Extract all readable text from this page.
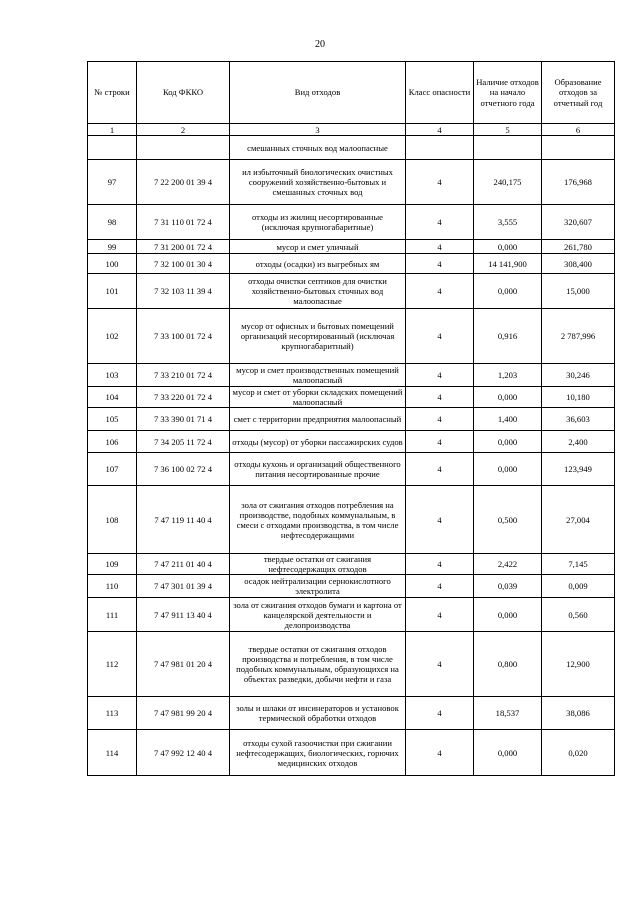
20
№ строки	Код ФККО	Вид отходов	Класс опасности	Наличие отходов на начало отчетного года	Образование отходов за отчетный год
1	2	3	4	5	6
		смешанных сточных вод малоопасные			
97	7 22 200 01 39 4	ил избыточный биологических очистных сооружений хозяйственно-бытовых и смешанных сточных вод	4	240,175	176,968
98	7 31 110 01 72 4	отходы из жилищ несортированные (исключая крупногабаритные)	4	3,555	320,607
99	7 31 200 01 72 4	мусор и смет уличный	4	0,000	261,780
100	7 32 100 01 30 4	отходы (осадки) из выгребных ям	4	14 141,900	308,400
101	7 32 103 11 39 4	отходы очистки септиков для очистки хозяйственно-бытовых сточных вод малоопасные	4	0,000	15,000
102	7 33 100 01 72 4	мусор от офисных и бытовых помещений организаций несортированный (исключая крупногабаритный)	4	0,916	2 787,996
103	7 33 210 01 72 4	мусор и смет производственных помещений малоопасный	4	1,203	30,246
104	7 33 220 01 72 4	мусор и смет от уборки складских помещений малоопасный	4	0,000	10,180
105	7 33 390 01 71 4	смет с территории предприятия малоопасный	4	1,400	36,603
106	7 34 205 11 72 4	отходы (мусор) от уборки пассажирских судов	4	0,000	2,400
107	7 36 100 02 72 4	отходы кухонь и организаций общественного питания несортированные прочие	4	0,000	123,949
108	7 47 119 11 40 4	зола от сжигания отходов потребления на производстве, подобных коммунальным, в смеси с отходами производства, в том числе нефтесодержащими	4	0,500	27,004
109	7 47 211 01 40 4	твердые остатки от сжигания нефтесодержащих отходов	4	2,422	7,145
110	7 47 301 01 39 4	осадок нейтрализации сернокислотного электролита	4	0,039	0,009
111	7 47 911 13 40 4	зола от сжигания отходов бумаги и картона от канцелярской деятельности и делопроизводства	4	0,000	0,560
112	7 47 981 01 20 4	твердые остатки от сжигания отходов производства и потребления, в том числе подобных коммунальным, образующихся на объектах разведки, добычи нефти и газа	4	0,800	12,900
113	7 47 981 99 20 4	золы и шлаки от инсинераторов и установок термической обработки отходов	4	18,537	38,086
114	7 47 992 12 40 4	отходы сухой газоочистки при сжигании нефтесодержащих, биологических, горючих медицинских отходов	4	0,000	0,020
